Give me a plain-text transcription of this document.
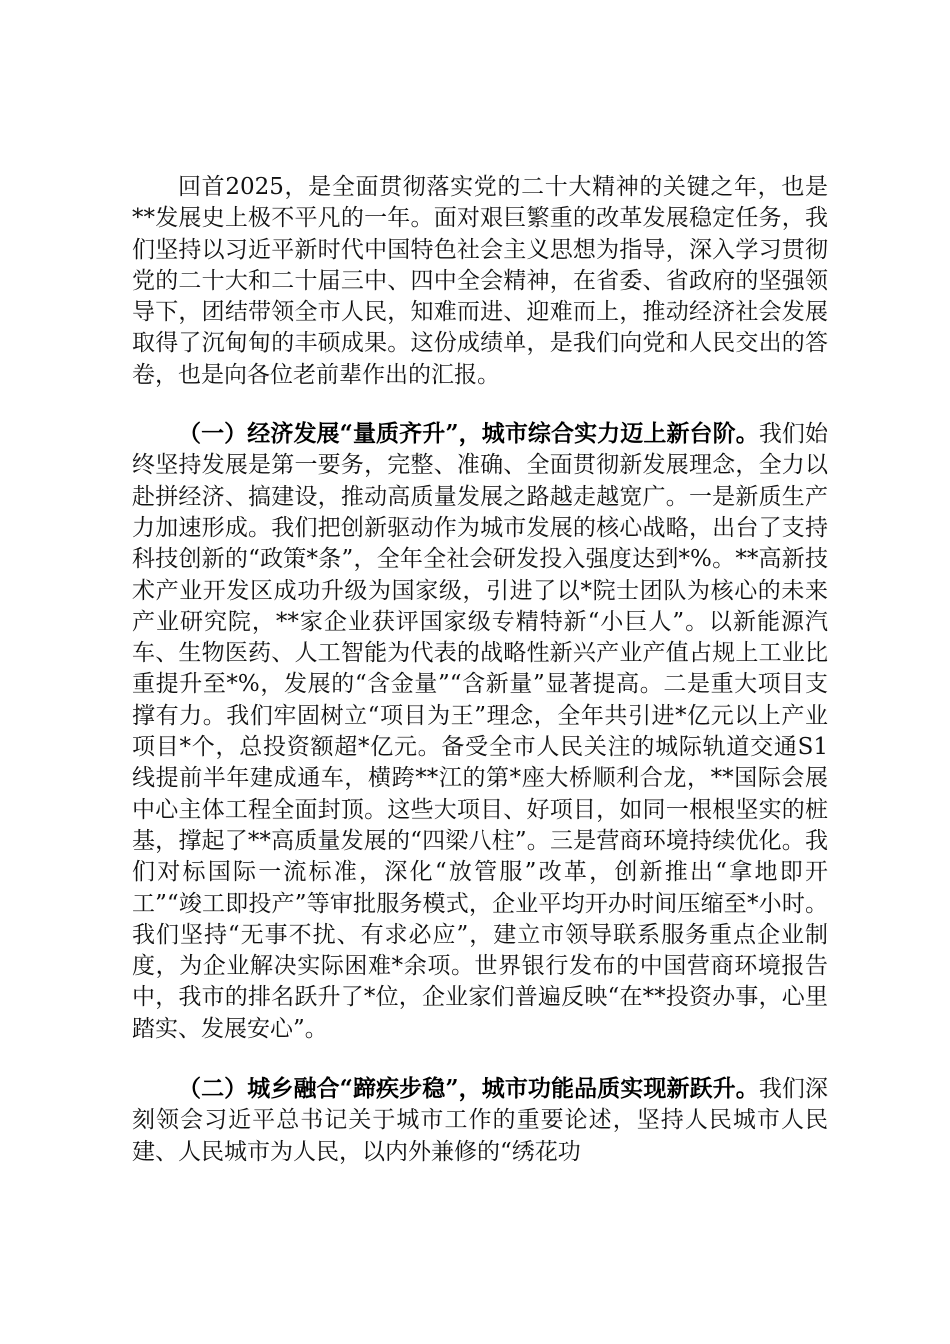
回首2025，是全面贯彻落实党的二十大精神的关键之年，也是**发展史上极不平凡的一年。面对艰巨繁重的改革发展稳定任务，我们坚持以习近平新时代中国特色社会主义思想为指导，深入学习贯彻党的二十大和二十届三中、四中全会精神，在省委、省政府的坚强领导下，团结带领全市人民，知难而进、迎难而上，推动经济社会发展取得了沉甸甸的丰硕成果。这份成绩单，是我们向党和人民交出的答卷，也是向各位老前辈作出的汇报。

（一）经济发展“量质齐升”，城市综合实力迈上新台阶。我们始终坚持发展是第一要务，完整、准确、全面贯彻新发展理念，全力以赴拼经济、搞建设，推动高质量发展之路越走越宽广。一是新质生产力加速形成。我们把创新驱动作为城市发展的核心战略，出台了支持科技创新的“政策*条”，全年全社会研发投入强度达到*%。**高新技术产业开发区成功升级为国家级，引进了以*院士团队为核心的未来产业研究院，**家企业获评国家级专精特新“小巨人”。以新能源汽车、生物医药、人工智能为代表的战略性新兴产业产值占规上工业比重提升至*%，发展的“含金量”“含新量”显著提高。二是重大项目支撑有力。我们牢固树立“项目为王”理念，全年共引进*亿元以上产业项目*个，总投资额超*亿元。备受全市人民关注的城际轨道交通S1线提前半年建成通车，横跨**江的第*座大桥顺利合龙，**国际会展中心主体工程全面封顶。这些大项目、好项目，如同一根根坚实的桩基，撑起了**高质量发展的“四梁八柱”。三是营商环境持续优化。我们对标国际一流标准，深化“放管服”改革，创新推出“拿地即开工”“竣工即投产”等审批服务模式，企业平均开办时间压缩至*小时。我们坚持“无事不扰、有求必应”，建立市领导联系服务重点企业制度，为企业解决实际困难*余项。世界银行发布的中国营商环境报告中，我市的排名跃升了*位，企业家们普遍反映“在**投资办事，心里踏实、发展安心”。

（二）城乡融合“蹄疾步稳”，城市功能品质实现新跃升。我们深刻领会习近平总书记关于城市工作的重要论述，坚持人民城市人民建、人民城市为人民，以内外兼修的“绣花功
